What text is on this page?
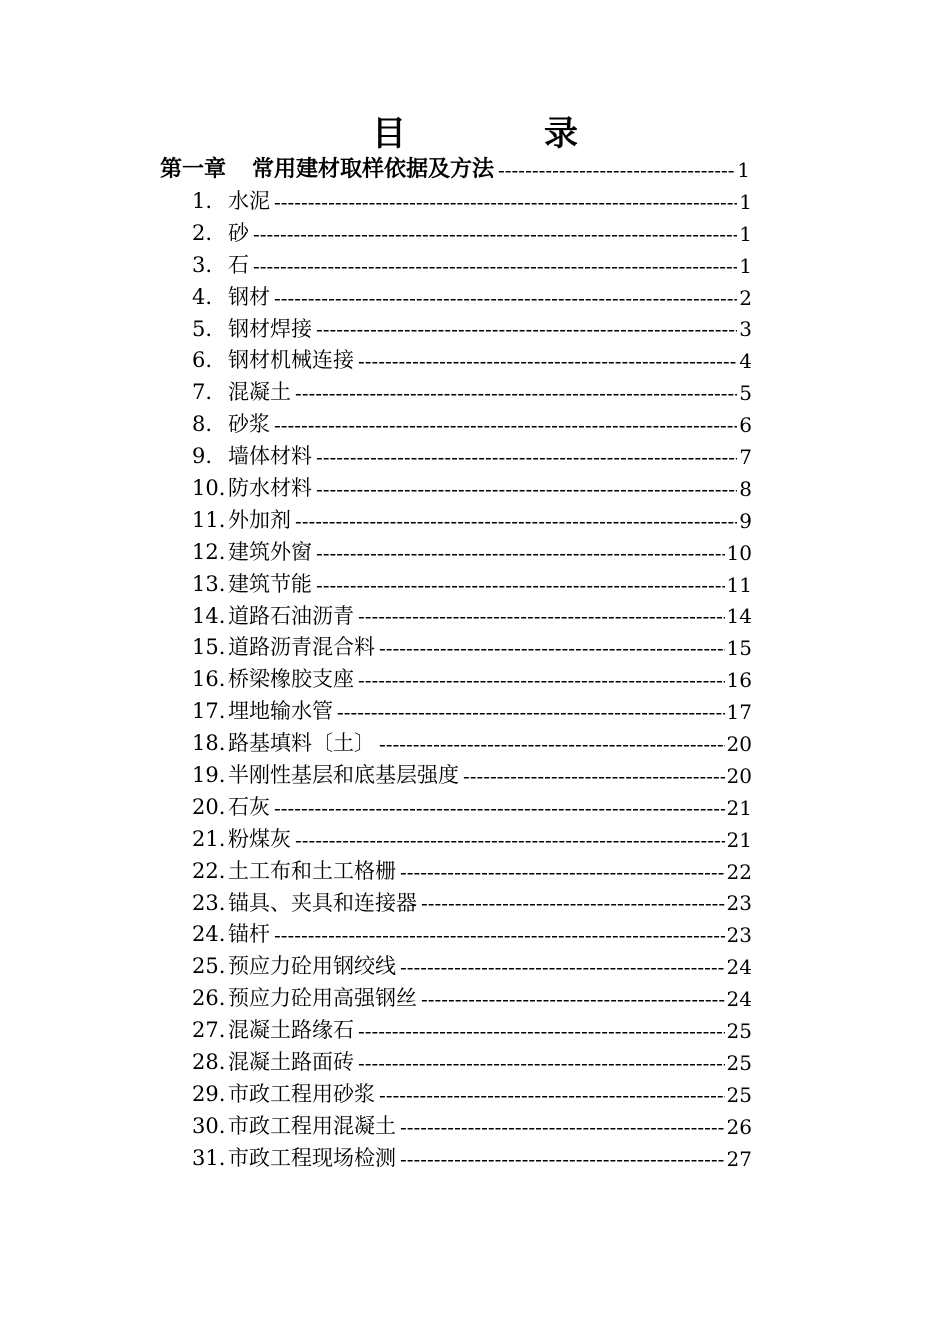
目　录
第一章 常用建材取样依据及方法 -----	1
1. 水泥 -----	1
2. 砂 -----	1
3. 石 -----	1
4. 钢材 -----	2
5. 钢材焊接 -----	3
6. 钢材机械连接 -----	4
7. 混凝土 -----	5
8. 砂浆 -----	6
9. 墙体材料 -----	7
10. 防水材料 -----	8
11. 外加剂 -----	9
12. 建筑外窗 -----	10
13. 建筑节能 -----	11
14. 道路石油沥青 -----	14
15. 道路沥青混合料 -----	15
16. 桥梁橡胶支座 -----	16
17. 埋地输水管 -----	17
18. 路基填料〔土〕 -----	20
19. 半刚性基层和底基层强度 -----	20
20. 石灰 -----	21
21. 粉煤灰 -----	21
22. 土工布和土工格栅 -----	22
23. 锚具、夹具和连接器 -----	23
24. 锚杆 -----	23
25. 预应力砼用钢绞线 -----	24
26. 预应力砼用高强钢丝 -----	24
27. 混凝土路缘石 -----	25
28. 混凝土路面砖 -----	25
29. 市政工程用砂浆 -----	25
30. 市政工程用混凝土 -----	26
31. 市政工程现场检测 -----	27
